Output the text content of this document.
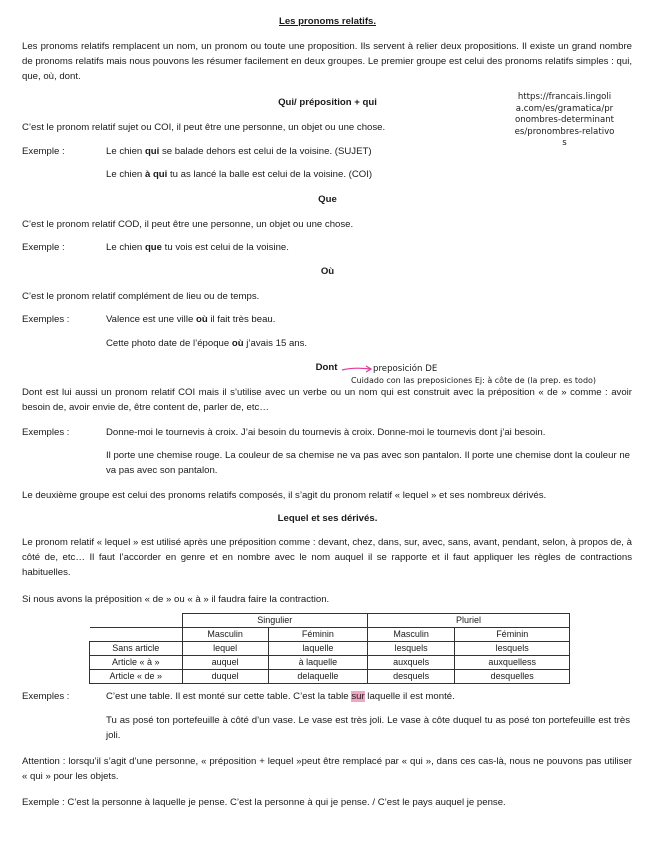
Les pronoms relatifs.
Les pronoms relatifs remplacent un nom, un pronom ou toute une proposition. Ils servent à relier deux propositions. Il existe un grand nombre de pronoms relatifs mais nous pouvons les résumer facilement en deux groupes. Le premier groupe est celui des pronoms relatifs simples : qui, que, où, dont.
https://francais.lingolia.com/es/gramatica/pronombres-determinantes/pronombres-relativos
Qui/ préposition + qui
C’est le pronom relatif sujet ou COI, il peut être une personne, un objet ou une chose.
Exemple :	Le chien qui se balade dehors est celui de la voisine. (SUJET)
Le chien à qui tu as lancé la balle est celui de la voisine. (COI)
Que
C’est le pronom relatif COD, il peut être une personne, un objet ou une chose.
Exemple :	Le chien que tu vois est celui de la voisine.
Où
C’est le pronom relatif complément de lieu ou de temps.
Exemples :	Valence est une ville où il fait très beau.
Cette photo date de l’époque où j’avais 15 ans.
Dont	preposición DE
Cuidado con las preposiciones Ej: à côte de (la prep. es todo)
Dont est lui aussi un pronom relatif COI mais il s’utilise avec un verbe ou un nom qui est construit avec la préposition « de » comme : avoir besoin de, avoir envie de, être content de, parler de, etc…
Exemples :	Donne-moi le tournevis à croix. J’ai besoin du tournevis à croix. Donne-moi le tournevis dont j’ai besoin.
Il porte une chemise rouge. La couleur de sa chemise ne va pas avec son pantalon. Il porte une chemise dont la couleur ne va pas avec son pantalon.
Le deuxième groupe est celui des pronoms relatifs composés, il s’agit du pronom relatif « lequel » et ses nombreux dérivés.
Lequel et ses dérivés.
Le pronom relatif « lequel » est utilisé après une préposition comme : devant, chez, dans, sur, avec, sans, avant, pendant, selon, à propos de, à côté de, etc… Il faut l’accorder en genre et en nombre avec le nom auquel il se rapporte et il faut appliquer les règles de contractions habituelles.
Si nous avons la préposition « de » ou « à » il faudra faire la contraction.
	Singulier		Pluriel	
	Masculin	Féminin	Masculin	Féminin
Sans article	lequel	laquelle	lesquels	lesquels
Article « à »	auquel	à laquelle	auxquels	auxquelless
Article « de »	duquel	delaquelle	desquels	desquelles
Exemples :	C’est une table. Il est monté sur cette table. C’est la table sur laquelle il est monté.
Tu as posé ton portefeuille à côté d’un vase. Le vase est très joli. Le vase à côte duquel tu as posé ton portefeuille est très joli.
Attention : lorsqu’il s’agit d’une personne, « préposition + lequel »peut être remplacé par « qui », dans ces cas-là, nous ne pouvons pas utiliser « qui » pour les objets.
Exemple : C’est la personne à laquelle je pense. C’est la personne à qui je pense. / C’est le pays auquel je pense.
